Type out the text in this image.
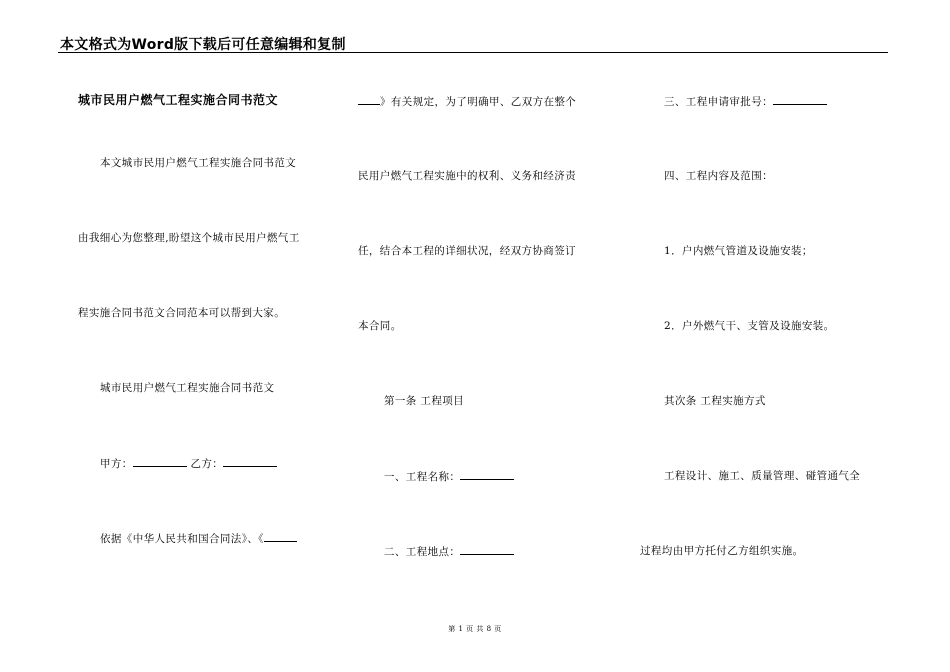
本文格式为Word版下载后可任意编辑和复制
城市民用户燃气工程实施合同书范文
本文城市民用户燃气工程实施合同书范文
由我细心为您整理,盼望这个城市民用户燃气工
程实施合同书范文合同范本可以帮到大家。
城市民用户燃气工程实施合同书范文
甲方：	乙方：
依据《中华人民共和国合同法》、《
》有关规定，为了明确甲、乙双方在整个
民用户燃气工程实施中的权利、义务和经济责
任，结合本工程的详细状况，经双方协商签订
本合同。
第一条 工程项目
一、工程名称：
二、工程地点：
三、工程申请审批号：
四、工程内容及范围：
1．户内燃气管道及设施安装；
2．户外燃气干、支管及设施安装。
其次条 工程实施方式
工程设计、施工、质量管理、碰管通气全
过程均由甲方托付乙方组织实施。
第 1 页 共 8 页
